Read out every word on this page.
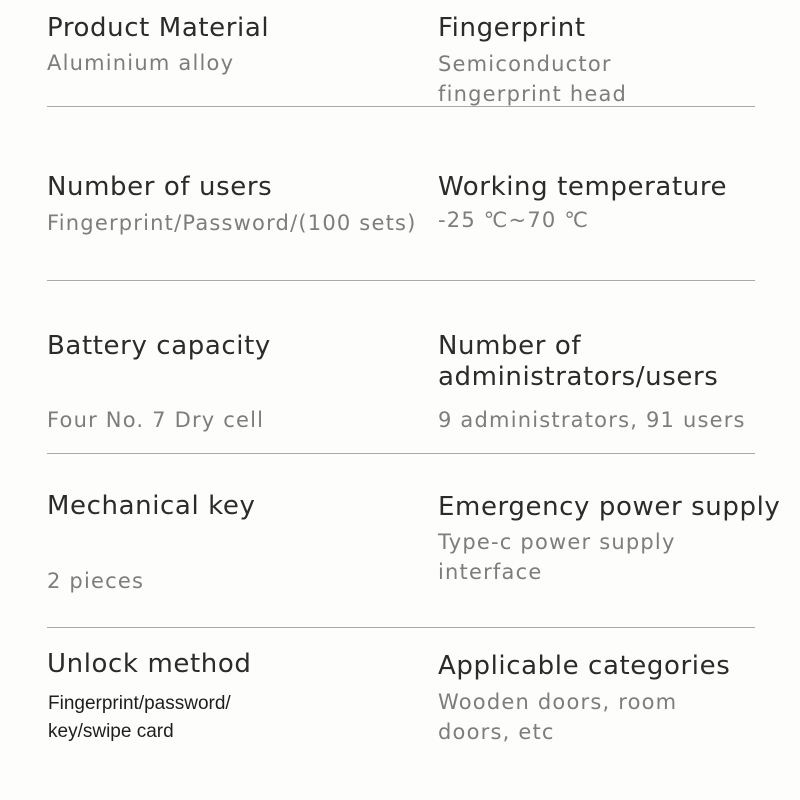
Product Material
Aluminium alloy
Fingerprint
Semiconductor
fingerprint head
Number of users
Fingerprint/Password/(100 sets)
Working temperature
-25 ℃~70 ℃
Battery capacity
Four No. 7 Dry cell
Number of
administrators/users
9 administrators, 91 users
Mechanical key
2 pieces
Emergency power supply
Type-c power supply
interface
Unlock method
Fingerprint/password/
key/swipe card
Applicable categories
Wooden doors, room
doors, etc
